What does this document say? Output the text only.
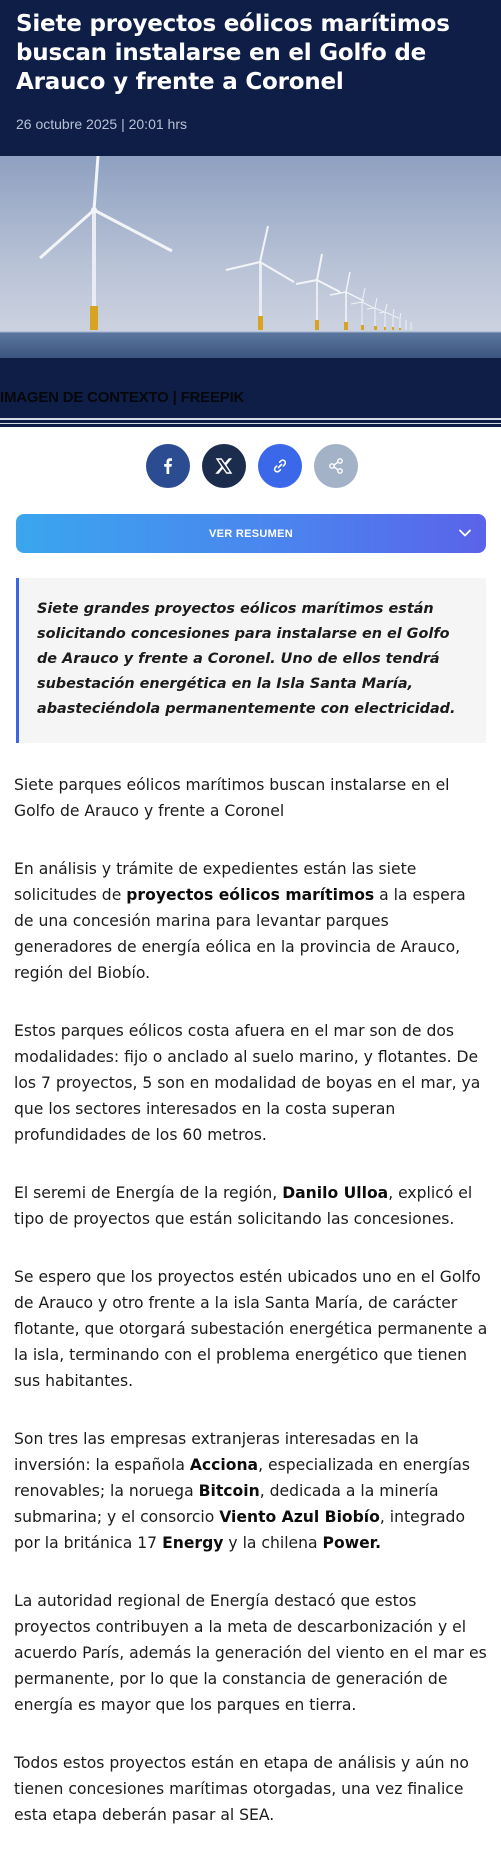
Siete proyectos eólicos marítimos buscan instalarse en el Golfo de Arauco y frente a Coronel
26 octubre 2025 | 20:01 hrs
IMAGEN DE CONTEXTO | FREEPIK
VER RESUMEN

Siete grandes proyectos eólicos marítimos están solicitando concesiones para instalarse en el Golfo de Arauco y frente a Coronel. Uno de ellos tendrá subestación energética en la Isla Santa María, abasteciéndola permanentemente con electricidad.

Siete parques eólicos marítimos buscan instalarse en el Golfo de Arauco y frente a Coronel

En análisis y trámite de expedientes están las siete solicitudes de proyectos eólicos marítimos a la espera de una concesión marina para levantar parques generadores de energía eólica en la provincia de Arauco, región del Biobío.

Estos parques eólicos costa afuera en el mar son de dos modalidades: fijo o anclado al suelo marino, y flotantes. De los 7 proyectos, 5 son en modalidad de boyas en el mar, ya que los sectores interesados en la costa superan profundidades de los 60 metros.

El seremi de Energía de la región, Danilo Ulloa, explicó el tipo de proyectos que están solicitando las concesiones.

Se espero que los proyectos estén ubicados uno en el Golfo de Arauco y otro frente a la isla Santa María, de carácter flotante, que otorgará subestación energética permanente a la isla, terminando con el problema energético que tienen sus habitantes.

Son tres las empresas extranjeras interesadas en la inversión: la española Acciona, especializada en energías renovables; la noruega Bitcoin, dedicada a la minería submarina; y el consorcio Viento Azul Biobío, integrado por la británica 17 Energy y la chilena Power.

La autoridad regional de Energía destacó que estos proyectos contribuyen a la meta de descarbonización y el acuerdo París, además la generación del viento en el mar es permanente, por lo que la constancia de generación de energía es mayor que los parques en tierra.

Todos estos proyectos están en etapa de análisis y aún no tienen concesiones marítimas otorgadas, una vez finalice esta etapa deberán pasar al SEA.
